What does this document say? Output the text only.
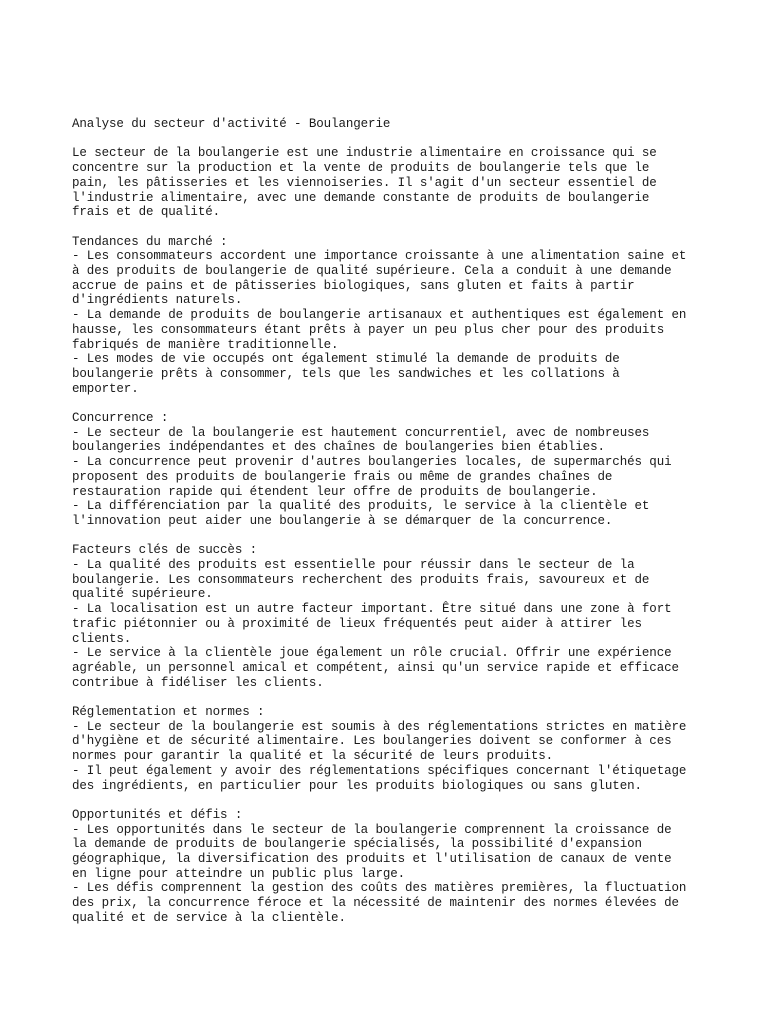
Analyse du secteur d'activité - Boulangerie
Le secteur de la boulangerie est une industrie alimentaire en croissance qui se
concentre sur la production et la vente de produits de boulangerie tels que le
pain, les pâtisseries et les viennoiseries. Il s'agit d'un secteur essentiel de
l'industrie alimentaire, avec une demande constante de produits de boulangerie
frais et de qualité.
Tendances du marché :
- Les consommateurs accordent une importance croissante à une alimentation saine et
à des produits de boulangerie de qualité supérieure. Cela a conduit à une demande
accrue de pains et de pâtisseries biologiques, sans gluten et faits à partir
d'ingrédients naturels.
- La demande de produits de boulangerie artisanaux et authentiques est également en
hausse, les consommateurs étant prêts à payer un peu plus cher pour des produits
fabriqués de manière traditionnelle.
- Les modes de vie occupés ont également stimulé la demande de produits de
boulangerie prêts à consommer, tels que les sandwiches et les collations à
emporter.
Concurrence :
- Le secteur de la boulangerie est hautement concurrentiel, avec de nombreuses
boulangeries indépendantes et des chaînes de boulangeries bien établies.
- La concurrence peut provenir d'autres boulangeries locales, de supermarchés qui
proposent des produits de boulangerie frais ou même de grandes chaînes de
restauration rapide qui étendent leur offre de produits de boulangerie.
- La différenciation par la qualité des produits, le service à la clientèle et
l'innovation peut aider une boulangerie à se démarquer de la concurrence.
Facteurs clés de succès :
- La qualité des produits est essentielle pour réussir dans le secteur de la
boulangerie. Les consommateurs recherchent des produits frais, savoureux et de
qualité supérieure.
- La localisation est un autre facteur important. Être situé dans une zone à fort
trafic piétonnier ou à proximité de lieux fréquentés peut aider à attirer les
clients.
- Le service à la clientèle joue également un rôle crucial. Offrir une expérience
agréable, un personnel amical et compétent, ainsi qu'un service rapide et efficace
contribue à fidéliser les clients.
Réglementation et normes :
- Le secteur de la boulangerie est soumis à des réglementations strictes en matière
d'hygiène et de sécurité alimentaire. Les boulangeries doivent se conformer à ces
normes pour garantir la qualité et la sécurité de leurs produits.
- Il peut également y avoir des réglementations spécifiques concernant l'étiquetage
des ingrédients, en particulier pour les produits biologiques ou sans gluten.
Opportunités et défis :
- Les opportunités dans le secteur de la boulangerie comprennent la croissance de
la demande de produits de boulangerie spécialisés, la possibilité d'expansion
géographique, la diversification des produits et l'utilisation de canaux de vente
en ligne pour atteindre un public plus large.
- Les défis comprennent la gestion des coûts des matières premières, la fluctuation
des prix, la concurrence féroce et la nécessité de maintenir des normes élevées de
qualité et de service à la clientèle.
